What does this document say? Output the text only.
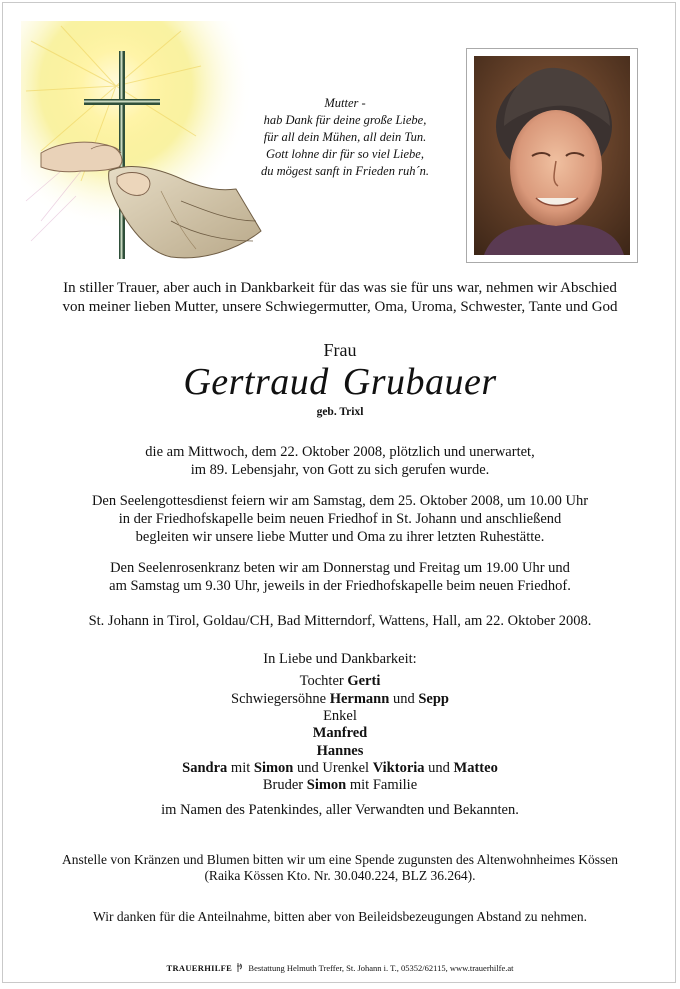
Mutter -
hab Dank für deine große Liebe,
für all dein Mühen, all dein Tun.
Gott lohne dir für so viel Liebe,
du mögest sanft in Frieden ruh´n.
In stiller Trauer, aber auch in Dankbarkeit für das was sie für uns war, nehmen wir Abschied
von meiner lieben Mutter, unsere Schwiegermutter, Oma, Uroma, Schwester, Tante und God
Frau
Gertraud Grubauer
geb. Trixl
die am Mittwoch, dem 22. Oktober 2008, plötzlich und unerwartet,
im 89. Lebensjahr, von Gott zu sich gerufen wurde.
Den Seelengottesdienst feiern wir am Samstag, dem 25. Oktober 2008, um 10.00 Uhr
in der Friedhofskapelle beim neuen Friedhof in St. Johann und anschließend
begleiten wir unsere liebe Mutter und Oma zu ihrer letzten Ruhestätte.
Den Seelenrosenkranz beten wir am Donnerstag und Freitag um 19.00 Uhr und
am Samstag um 9.30 Uhr, jeweils in der Friedhofskapelle beim neuen Friedhof.
St. Johann in Tirol, Goldau/CH, Bad Mitterndorf, Wattens, Hall, am 22. Oktober 2008.
In Liebe und Dankbarkeit:
Tochter Gerti
Schwiegersöhne Hermann und Sepp
Enkel
Manfred
Hannes
Sandra mit Simon und Urenkel Viktoria und Matteo
Bruder Simon mit Familie
im Namen des Patenkindes, aller Verwandten und Bekannten.
Anstelle von Kränzen und Blumen bitten wir um eine Spende zugunsten des Altenwohnheimes Kössen
(Raika Kössen Kto. Nr. 30.040.224, BLZ 36.264).
Wir danken für die Anteilnahme, bitten aber von Beileidsbezeugungen Abstand zu nehmen.
TRAUERHILFE Bestattung Helmuth Treffer, St. Johann i. T., 05352/62115, www.trauerhilfe.at
